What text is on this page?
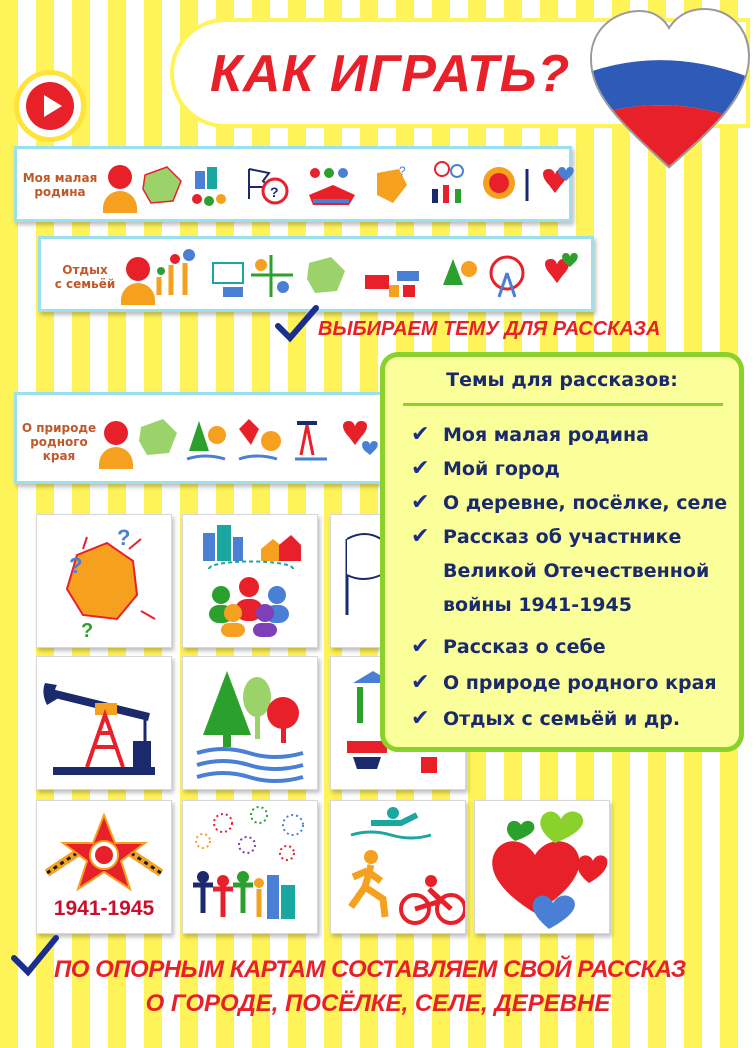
КАК ИГРАТЬ?
Моя малая
родина	?
?
Отдых
с семьёй
ВЫБИРАЕМ ТЕМУ ДЛЯ РАССКАЗА
О природе
родного
края
?
?
?
1941-1945
Темы для рассказов:
✔ Моя малая родина
✔ Мой город
✔ О деревне, посёлке, селе
✔ Рассказ об участнике
Великой Отечественной
войны 1941-1945
✔ Рассказ о себе
✔ О природе родного края
✔ Отдых с семьёй и др.
ПО ОПОРНЫМ КАРТАМ СОСТАВЛЯЕМ СВОЙ РАССКАЗ
О ГОРОДЕ, ПОСЁЛКЕ, СЕЛЕ, ДЕРЕВНЕ
